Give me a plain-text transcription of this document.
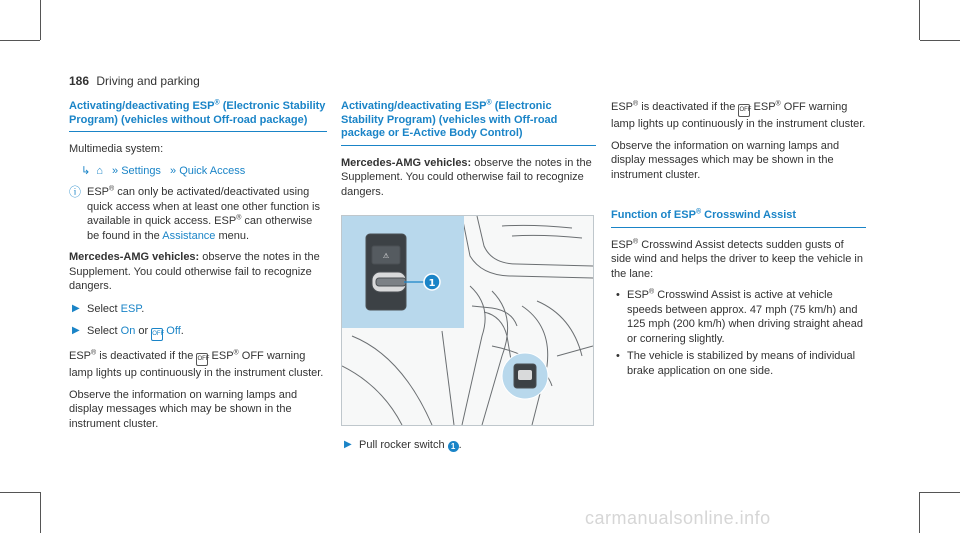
186 Driving and parking
Activating/deactivating ESP® (Electronic Stability Program) (vehicles without Off-road package)

Multimedia system:

↳ ⌂ » Settings » Quick Access
ⓘ ESP® can only be activated/deactivated using quick access when at least one other function is available in quick access. ESP® can otherwise be found in the Assistance menu.

Mercedes-AMG vehicles: observe the notes in the Supplement. You could otherwise fail to recognize dangers.

▶ Select ESP.
▶ Select On or OFF Off.

ESP® is deactivated if the OFF ESP® OFF warning lamp lights up continuously in the instrument cluster.

Observe the information on warning lamps and display messages which may be shown in the instrument cluster.

Activating/deactivating ESP® (Electronic Stability Program) (vehicles with Off-road package or E-Active Body Control)

Mercedes-AMG vehicles: observe the notes in the Supplement. You could otherwise fail to recognize dangers.

⚠
1
▶ Pull rocker switch 1 .

ESP® is deactivated if the OFF ESP® OFF warning lamp lights up continuously in the instrument cluster.

Observe the information on warning lamps and display messages which may be shown in the instrument cluster.

Function of ESP® Crosswind Assist

ESP® Crosswind Assist detects sudden gusts of side wind and helps the driver to keep the vehicle in the lane:

• ESP® Crosswind Assist is active at vehicle speeds between approx. 47 mph (75 km/h) and 125 mph (200 km/h) when driving straight ahead or cornering slightly.
• The vehicle is stabilized by means of individual brake application on one side.
carmanualsonline.info
